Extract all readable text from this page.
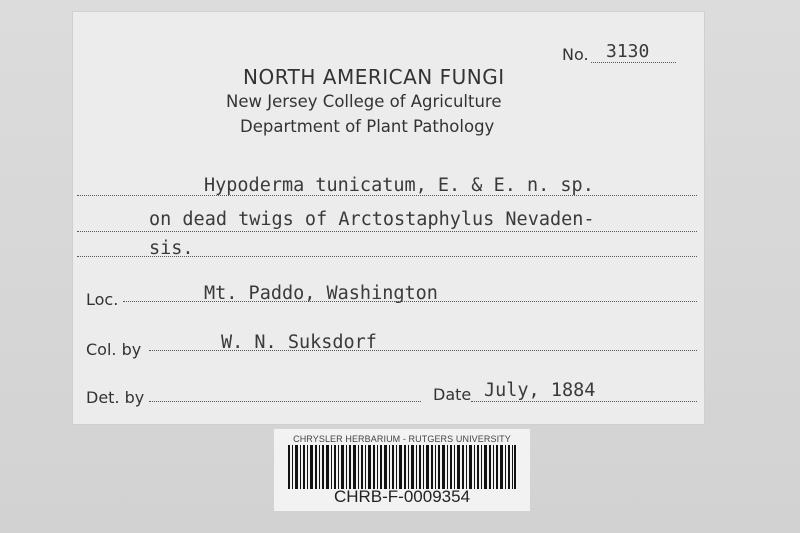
No. 3130
NORTH AMERICAN FUNGI
New Jersey College of Agriculture
Department of Plant Pathology
Hypoderma tunicatum, E. & E. n. sp.
on dead twigs of Arctostaphylus Nevaden-
sis.
Loc.	Mt. Paddo, Washington
Col. by	W. N. Suksdorf
Det. by	Date July, 1884
CHRYSLER HERBARIUM - RUTGERS UNIVERSITY
CHRB-F-0009354
